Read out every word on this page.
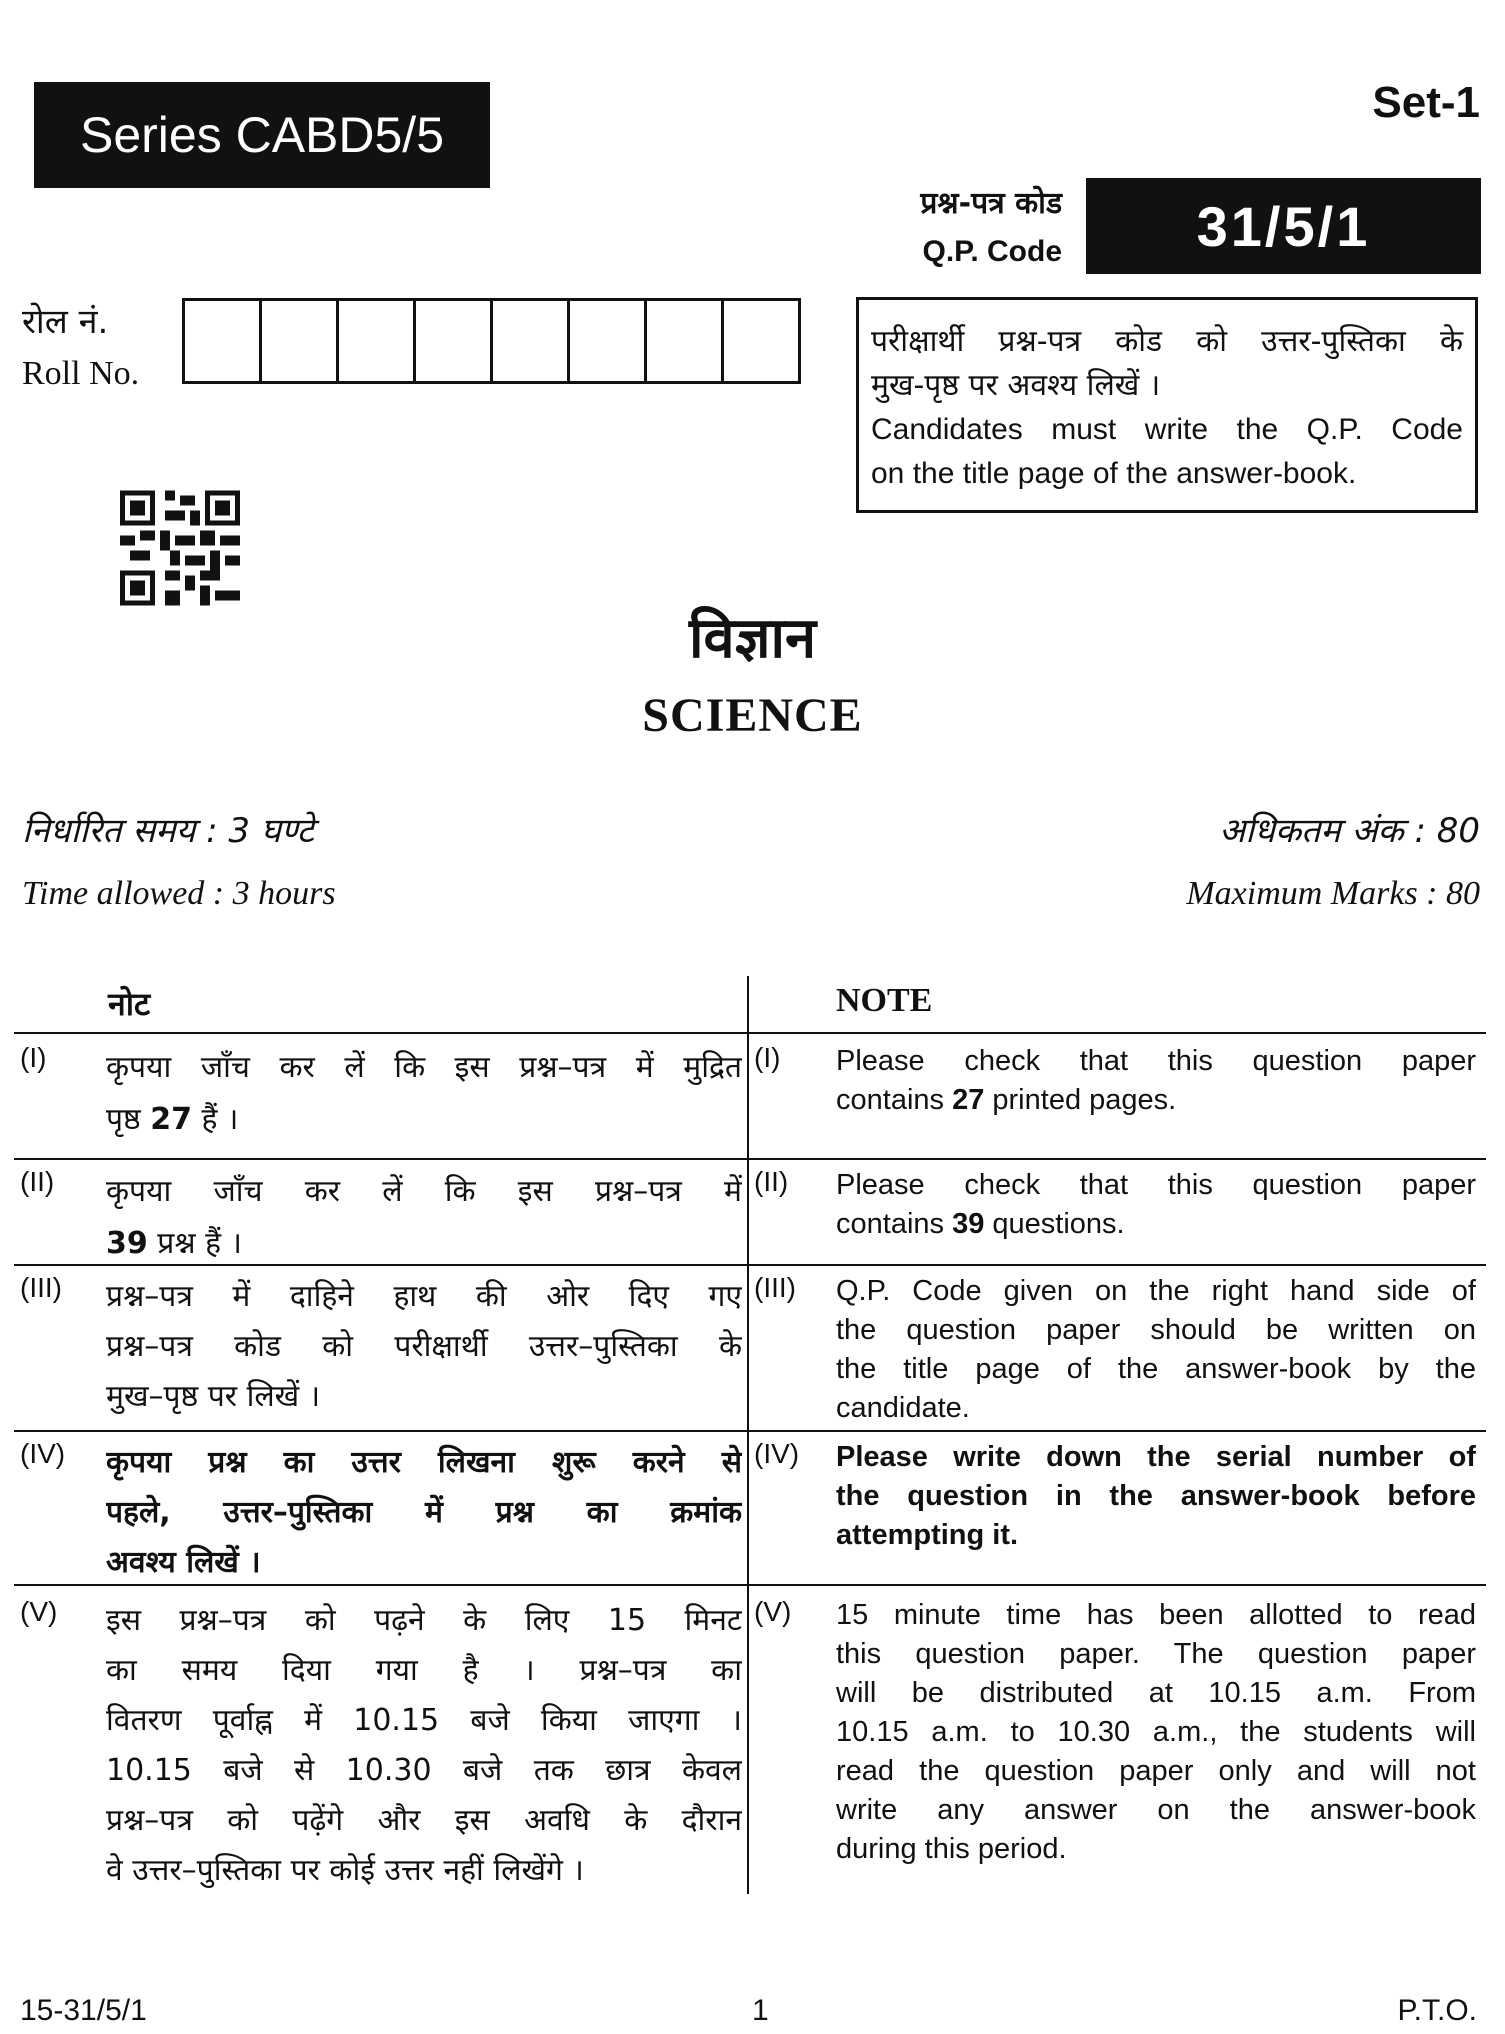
Series CABD5/5
Set-1
प्रश्न-पत्र कोड
Q.P. Code 31/5/1
रोल नं.
Roll No.
परीक्षार्थी प्रश्न-पत्र कोड को उत्तर-पुस्तिका के
मुख-पृष्ठ पर अवश्य लिखें ।
Candidates must write the Q.P. Code
on the title page of the answer-book.
विज्ञान
SCIENCE
निर्धारित समय : 3 घण्टे	अधिकतम अंक : 80
Time allowed : 3 hours	Maximum Marks : 80
नोट	NOTE
(I) कृपया जाँच कर लें कि इस प्रश्न–पत्र में मुद्रित
पृष्ठ 27 हैं ।
(I) Please check that this question paper
contains 27 printed pages.
(II) कृपया जाँच कर लें कि इस प्रश्न–पत्र में
39 प्रश्न हैं ।
(II) Please check that this question paper
contains 39 questions.
(III) प्रश्न–पत्र में दाहिने हाथ की ओर दिए गए
प्रश्न–पत्र कोड को परीक्षार्थी उत्तर–पुस्तिका के
मुख–पृष्ठ पर लिखें ।
(III) Q.P. Code given on the right hand side of
the question paper should be written on
the title page of the answer-book by the
candidate.
(IV) कृपया प्रश्न का उत्तर लिखना शुरू करने से
पहले, उत्तर–पुस्तिका में प्रश्न का क्रमांक
अवश्य लिखें ।
(IV) Please write down the serial number of
the question in the answer-book before
attempting it.
(V) इस प्रश्न–पत्र को पढ़ने के लिए 15 मिनट
का समय दिया गया है । प्रश्न–पत्र का
वितरण पूर्वाह्न में 10.15 बजे किया जाएगा ।
10.15 बजे से 10.30 बजे तक छात्र केवल
प्रश्न–पत्र को पढ़ेंगे और इस अवधि के दौरान
वे उत्तर–पुस्तिका पर कोई उत्तर नहीं लिखेंगे ।
(V) 15 minute time has been allotted to read
this question paper. The question paper
will be distributed at 10.15 a.m. From
10.15 a.m. to 10.30 a.m., the students will
read the question paper only and will not
write any answer on the answer-book
during this period.
15-31/5/1	1	P.T.O.
